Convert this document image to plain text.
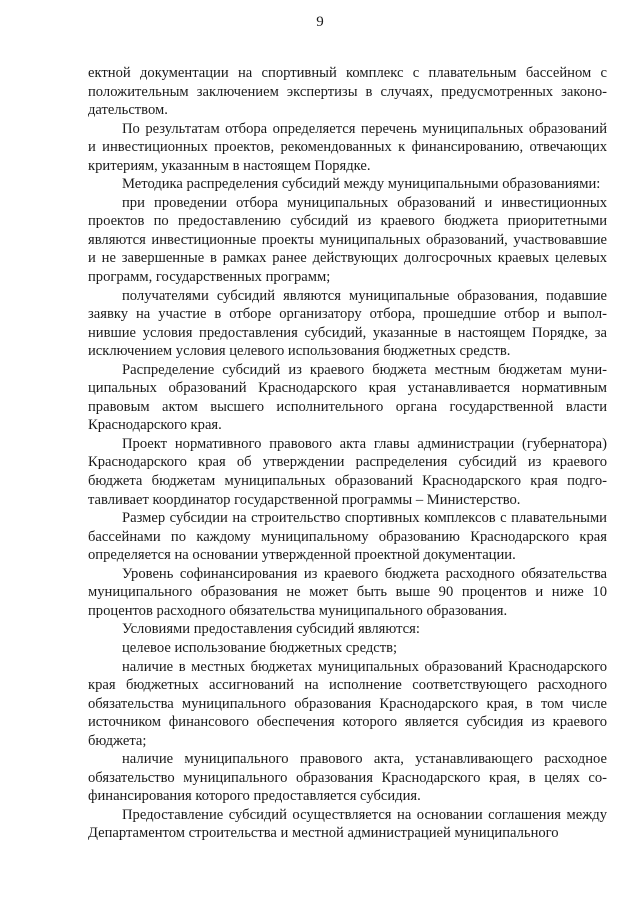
9

ектной документации на спортивный комплекс с плавательным бассейном с положительным заключением экспертизы в случаях, предусмотренных законодательством.

По результатам отбора определяется перечень муниципальных образований и инвестиционных проектов, рекомендованных к финансированию, отвечающих критериям, указанным в настоящем Порядке.

Методика распределения субсидий между муниципальными образованиями:

при проведении отбора муниципальных образований и инвестиционных проектов по предоставлению субсидий из краевого бюджета приоритетными являются инвестиционные проекты муниципальных образований, участвовавшие и не завершенные в рамках ранее действующих долгосрочных краевых целевых программ, государственных программ;

получателями субсидий являются муниципальные образования, подавшие заявку на участие в отборе организатору отбора, прошедшие отбор и выполнившие условия предоставления субсидий, указанные в настоящем Порядке, за исключением условия целевого использования бюджетных средств.

Распределение субсидий из краевого бюджета местным бюджетам муниципальных образований Краснодарского края устанавливается нормативным правовым актом высшего исполнительного органа государственной власти Краснодарского края.

Проект нормативного правового акта главы администрации (губернатора) Краснодарского края об утверждении распределения субсидий из краевого бюджета бюджетам муниципальных образований Краснодарского края подготавливает координатор государственной программы – Министерство.

Размер субсидии на строительство спортивных комплексов с плавательными бассейнами по каждому муниципальному образованию Краснодарского края определяется на основании утвержденной проектной документации.

Уровень софинансирования из краевого бюджета расходного обязательства муниципального образования не может быть выше 90 процентов и ниже 10 процентов расходного обязательства муниципального образования.

Условиями предоставления субсидий являются:

целевое использование бюджетных средств;

наличие в местных бюджетах муниципальных образований Краснодарского края бюджетных ассигнований на исполнение соответствующего расходного обязательства муниципального образования Краснодарского края, в том числе источником финансового обеспечения которого является субсидия из краевого бюджета;

наличие муниципального правового акта, устанавливающего расходное обязательство муниципального образования Краснодарского края, в целях софинансирования которого предоставляется субсидия.

Предоставление субсидий осуществляется на основании соглашения между Департаментом строительства и местной администрацией муниципального
